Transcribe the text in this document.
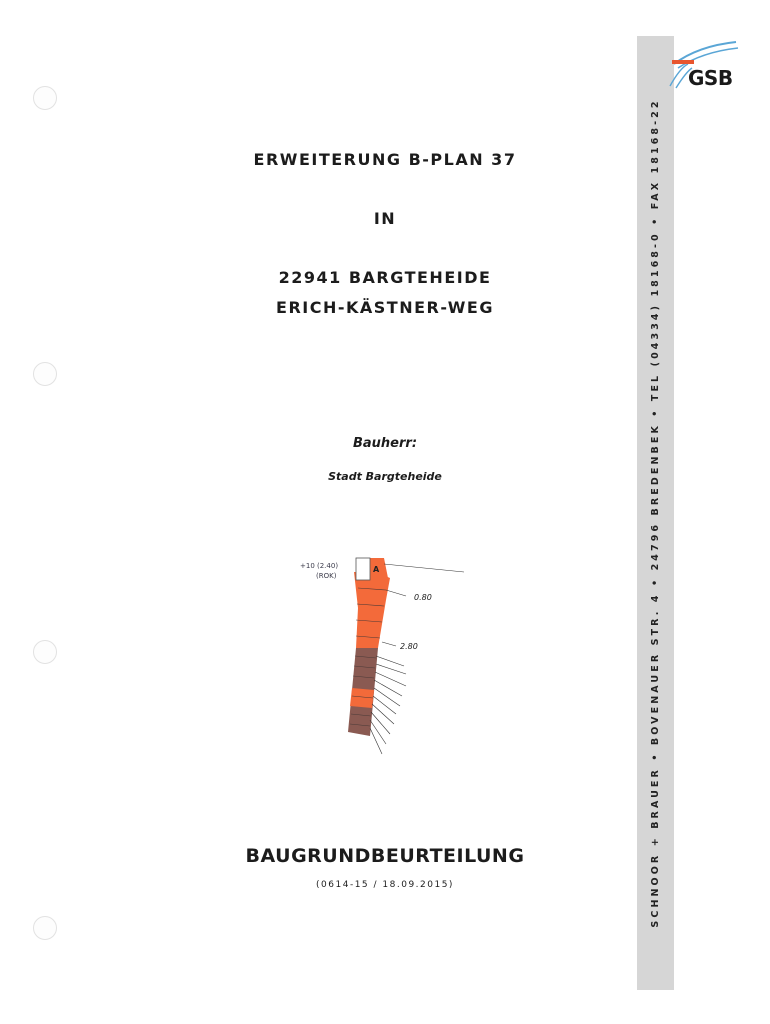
ERWEITERUNG B-PLAN 37
IN
22941 BARGTEHEIDE
ERICH-KÄSTNER-WEG
Bauherr:
Stadt Bargteheide
+10 (2.40)
(ROK)
A
0.80
2.80
BAUGRUNDBEURTEILUNG
(0614-15 / 18.09.2015)	SCHNOOR + BRAUER • BOVENAUER STR. 4 • 24796 BREDENBEK • TEL (04334) 18168-0 • FAX 18168-22
GSB
